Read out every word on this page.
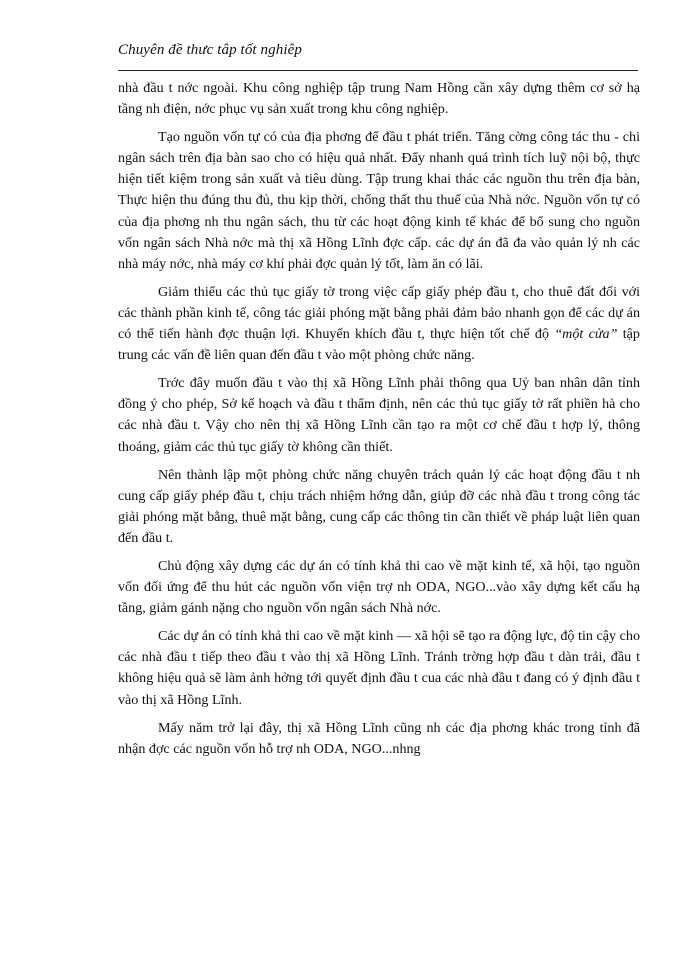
Chuyên đề thưc tâp tốt nghiêp

nhà đầu t nớc ngoài. Khu công nghiệp tập trung Nam Hồng cần xây dựng thêm cơ sở hạ tầng nh điện, nớc phục vụ sản xuất trong khu công nghiệp.

Tạo nguồn vốn tự có của địa phơng để đầu t phát triển. Tăng cờng công tác thu - chi ngân sách trên địa bàn sao cho có hiệu quả nhất. Đẩy nhanh quá trình tích luỹ nội bộ, thực hiện tiết kiệm trong sản xuất và tiêu dùng. Tập trung khai thác các nguồn thu trên địa bàn, Thực hiện thu đúng thu đủ, thu kịp thời, chống thất thu thuế của Nhà nớc. Nguồn vốn tự có của địa phơng nh thu ngân sách, thu từ các hoạt động kinh tế khác để bổ sung cho nguồn vốn ngân sách Nhà nớc mà thị xã Hồng Lĩnh đợc cấp. các dự án đã đa vào quản lý nh các nhà máy nớc, nhà máy cơ khí phải đợc quản lý tốt, làm ăn có lãi.

Giảm thiểu các thủ tục giấy tờ trong việc cấp giấy phép đầu t, cho thuê đất đối với các thành phần kinh tế, công tác giải phóng mặt bằng phải đảm bảo nhanh gọn để các dự án có thể tiến hành đợc thuận lợi. Khuyến khích đầu t, thực hiện tốt chế độ “một cửa” tập trung các vấn đề liên quan đến đầu t vào một phòng chức năng.

Trớc đây muốn đầu t vào thị xã Hồng Lĩnh phải thông qua Uỷ ban nhân dân tỉnh đồng ý cho phép, Sở kế hoạch và đầu t thẩm định, nên các thủ tục giấy tờ rất phiền hà cho các nhà đầu t. Vậy cho nên thị xã Hồng Lĩnh cần tạo ra một cơ chế đầu t hợp lý, thông thoáng, giảm các thủ tục giấy tờ không cần thiết.

Nên thành lập một phòng chức năng chuyên trách quản lý các hoạt động đầu t nh cung cấp giấy phép đầu t, chịu trách nhiệm hớng dẫn, giúp đỡ các nhà đầu t trong công tác giải phóng mặt bằng, thuê mặt bằng, cung cấp các thông tin cần thiết về pháp luật liên quan đến đầu t.

Chủ động xây dựng các dự án có tính khả thi cao về mặt kinh tế, xã hội, tạo nguồn vốn đối ứng để thu hút các nguồn vốn viện trợ nh ODA, NGO...vào xây dựng kết cấu hạ tầng, giảm gánh nặng cho nguồn vốn ngân sách Nhà nớc.

Các dự án có tính khả thi cao về mặt kinh — xã hội sẽ tạo ra động lực, độ tin cậy cho các nhà đầu t tiếp theo đầu t vào thị xã Hồng Lĩnh. Tránh trờng hợp đầu t dàn trải, đầu t không hiệu quả sẽ làm ảnh hởng tới quyết định đầu t cua các nhà đầu t đang có ý định đầu t vào thị xã Hồng Lĩnh.

Mấy năm trở lại đây, thị xã Hồng Lĩnh cũng nh các địa phơng khác trong tỉnh đã nhận đợc các nguồn vốn hỗ trợ nh ODA, NGO...nhng
